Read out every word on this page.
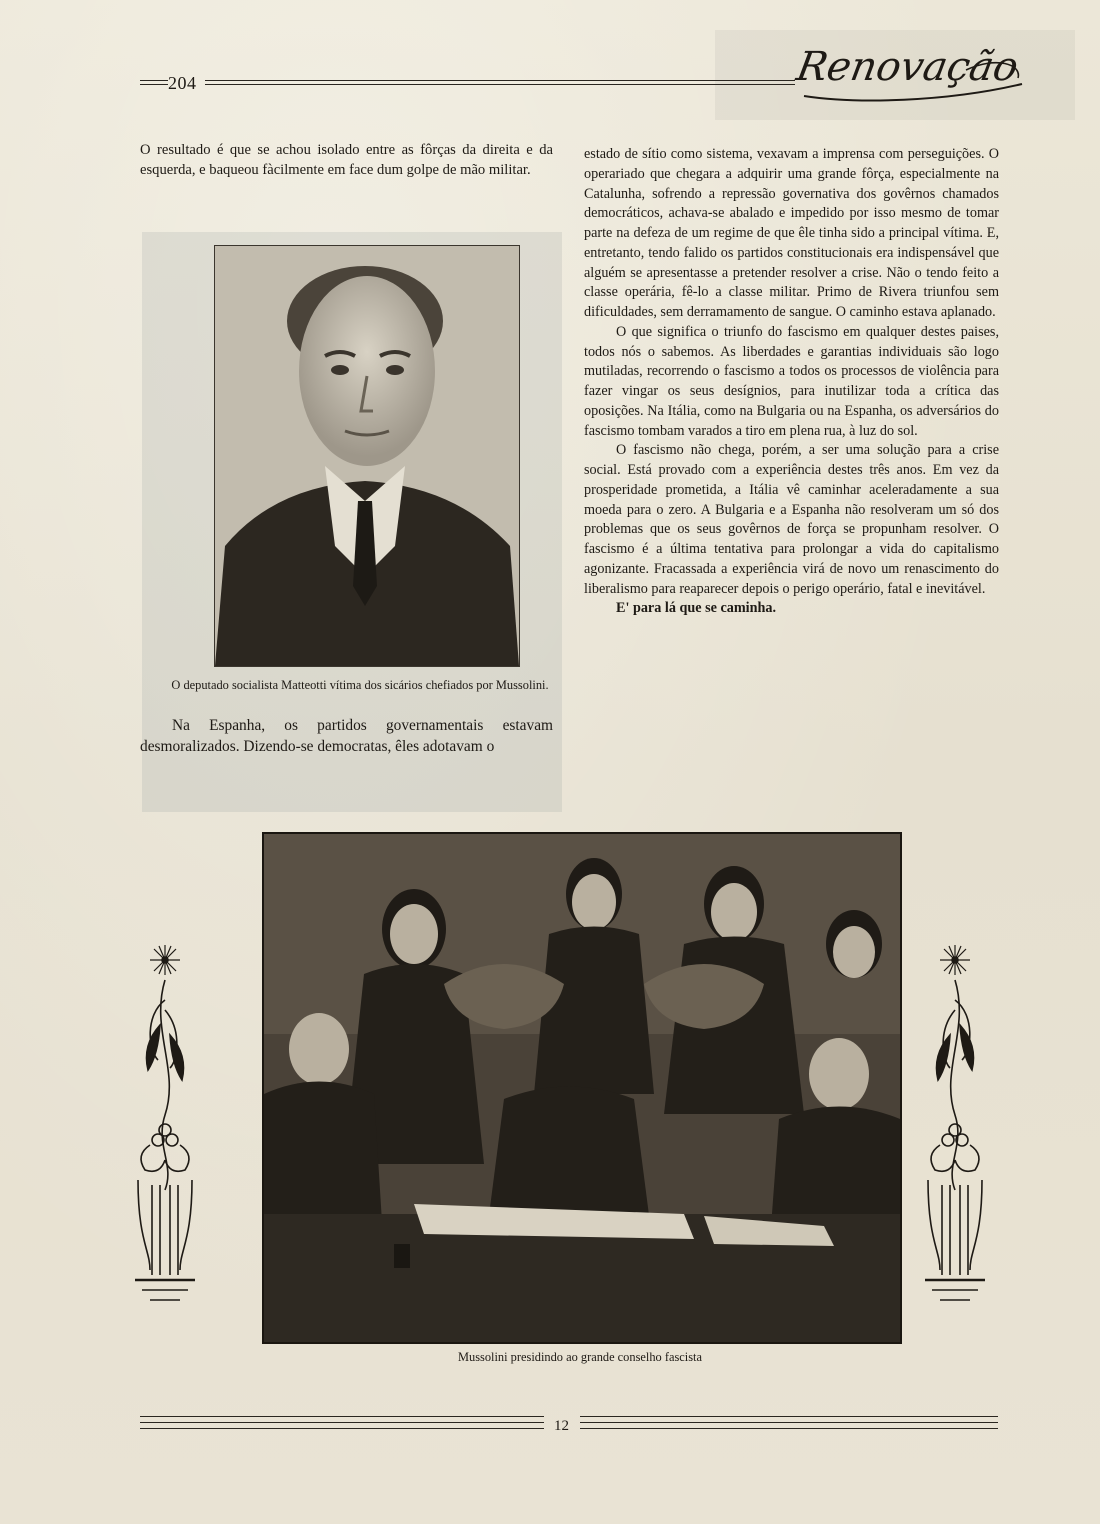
204	Renovação

O resultado é que se achou isolado entre as fôrças da direita e da esquerda, e baqueou fàcilmente em face dum golpe de mão militar.

O deputado socialista Matteotti vítima dos sicários chefiados por Mussolini.

Na Espanha, os partidos governamentais estavam desmoralizados. Dizendo-se democratas, êles adotavam o

estado de sítio como sistema, vexavam a imprensa com perseguições. O operariado que chegara a adquirir uma grande fôrça, especialmente na Catalunha, sofrendo a repressão governativa dos govêrnos chamados democráticos, achava-se abalado e impedido por isso mesmo de tomar parte na defeza de um regime de que êle tinha sido a principal vítima. E, entretanto, tendo falido os partidos constitucionais era indispensável que alguém se apresentasse a pretender resolver a crise. Não o tendo feito a classe operária, fê-lo a classe militar. Primo de Rivera triunfou sem dificuldades, sem derramamento de sangue. O caminho estava aplanado.

O que significa o triunfo do fascismo em qualquer destes paises, todos nós o sabemos. As liberdades e garantias individuais são logo mutiladas, recorrendo o fascismo a todos os processos de violência para fazer vingar os seus desígnios, para inutilizar toda a crítica das oposições. Na Itália, como na Bulgaria ou na Espanha, os adversários do fascismo tombam varados a tiro em plena rua, à luz do sol.

O fascismo não chega, porém, a ser uma solução para a crise social. Está provado com a experiência destes três anos. Em vez da prosperidade prometida, a Itália vê caminhar aceleradamente a sua moeda para o zero. A Bulgaria e a Espanha não resolveram um só dos problemas que os seus govêrnos de força se propunham resolver. O fascismo é a última tentativa para prolongar a vida do capitalismo agonizante. Fracassada a experiência virá de novo um renascimento do liberalismo para reaparecer depois o perigo operário, fatal e inevitável.

E' para lá que se caminha.

Mussolini presidindo ao grande conselho fascista
12
